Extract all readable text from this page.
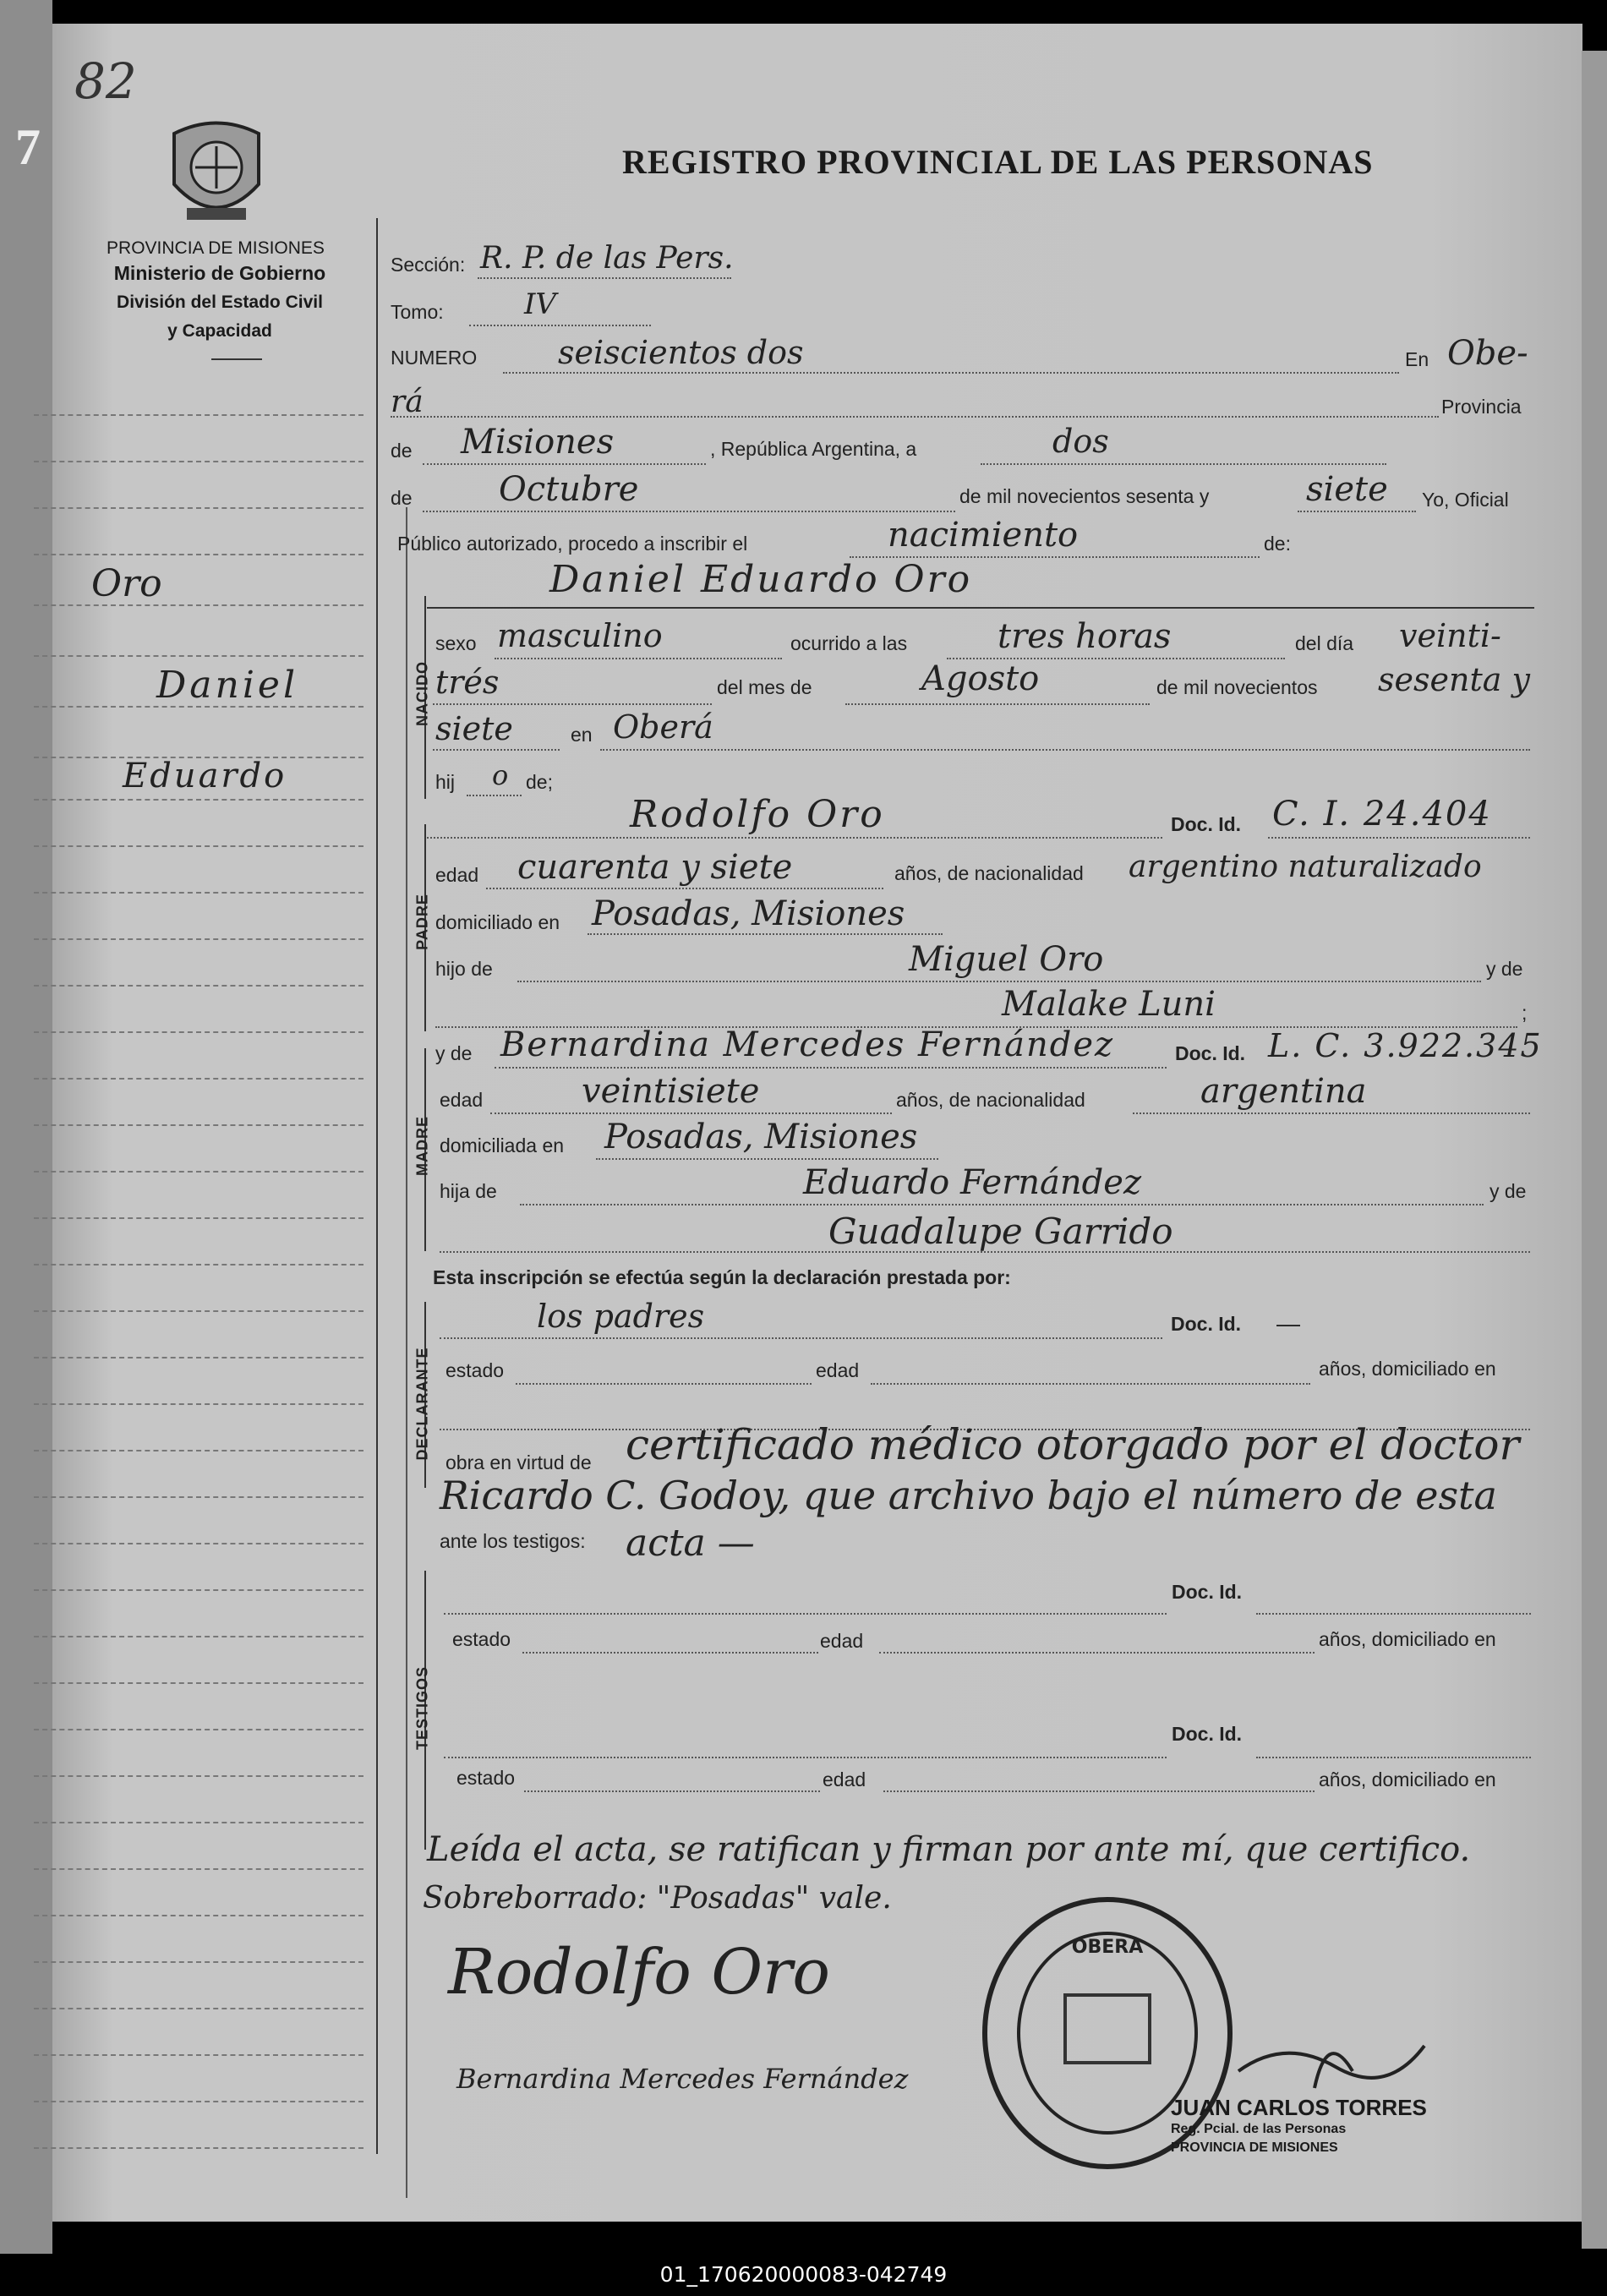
82
7
PROVINCIA DE MISIONES
Ministerio de Gobierno
División del Estado Civil
y Capacidad
REGISTRO PROVINCIAL DE LAS PERSONAS
Oro
Daniel
Eduardo
Sección: R. P. de las Pers.
Tomo:	IV
NUMERO	seiscientos dos	En Obe-
rá	Provincia
de Misiones	, República Argentina, a	dos
de	Octubre	de mil novecientos sesenta y	siete Yo, Oficial
Público autorizado, procedo a inscribir el	nacimiento	de:
NACIDO
Daniel Eduardo Oro
sexo masculino	ocurrido a las	tres horas	del día veinti-
trés	del mes de	Agosto	de mil novecientos sesenta y
siete	en Oberá
hij o de;
PADRE
Rodolfo Oro	Doc. Id. C. I. 24.404
edad cuarenta y siete	años, de nacionalidad argentino naturalizado
domiciliado en Posadas, Misiones
hijo de	Miguel Oro	y de
Malake Luni	;
MADRE
y de Bernardina Mercedes Fernández	Doc. Id. L. C. 3.922.345
edad	veintisiete	años, de nacionalidad	argentina
domiciliada en Posadas, Misiones
hija de	Eduardo Fernández	y de
Guadalupe Garrido
Esta inscripción se efectúa según la declaración prestada por:
DECLARANTE
los padres	Doc. Id. —
estado	edad	años, domiciliado en
obra en virtud de certificado médico otorgado por el doctor
Ricardo C. Godoy, que archivo bajo el número de esta
ante los testigos: acta —
TESTIGOS
Doc. Id.
estado	edad	años, domiciliado en
Doc. Id.
estado	edad	años, domiciliado en
Leída el acta, se ratifican y firman por ante mí, que certifico.
Sobreborrado: "Posadas" vale.
Rodolfo Oro
Bernardina Mercedes Fernández
OBERA
JUAN CARLOS TORRES
Reg. Pcial. de las Personas
PROVINCIA DE MISIONES
01_170620000083-042749
